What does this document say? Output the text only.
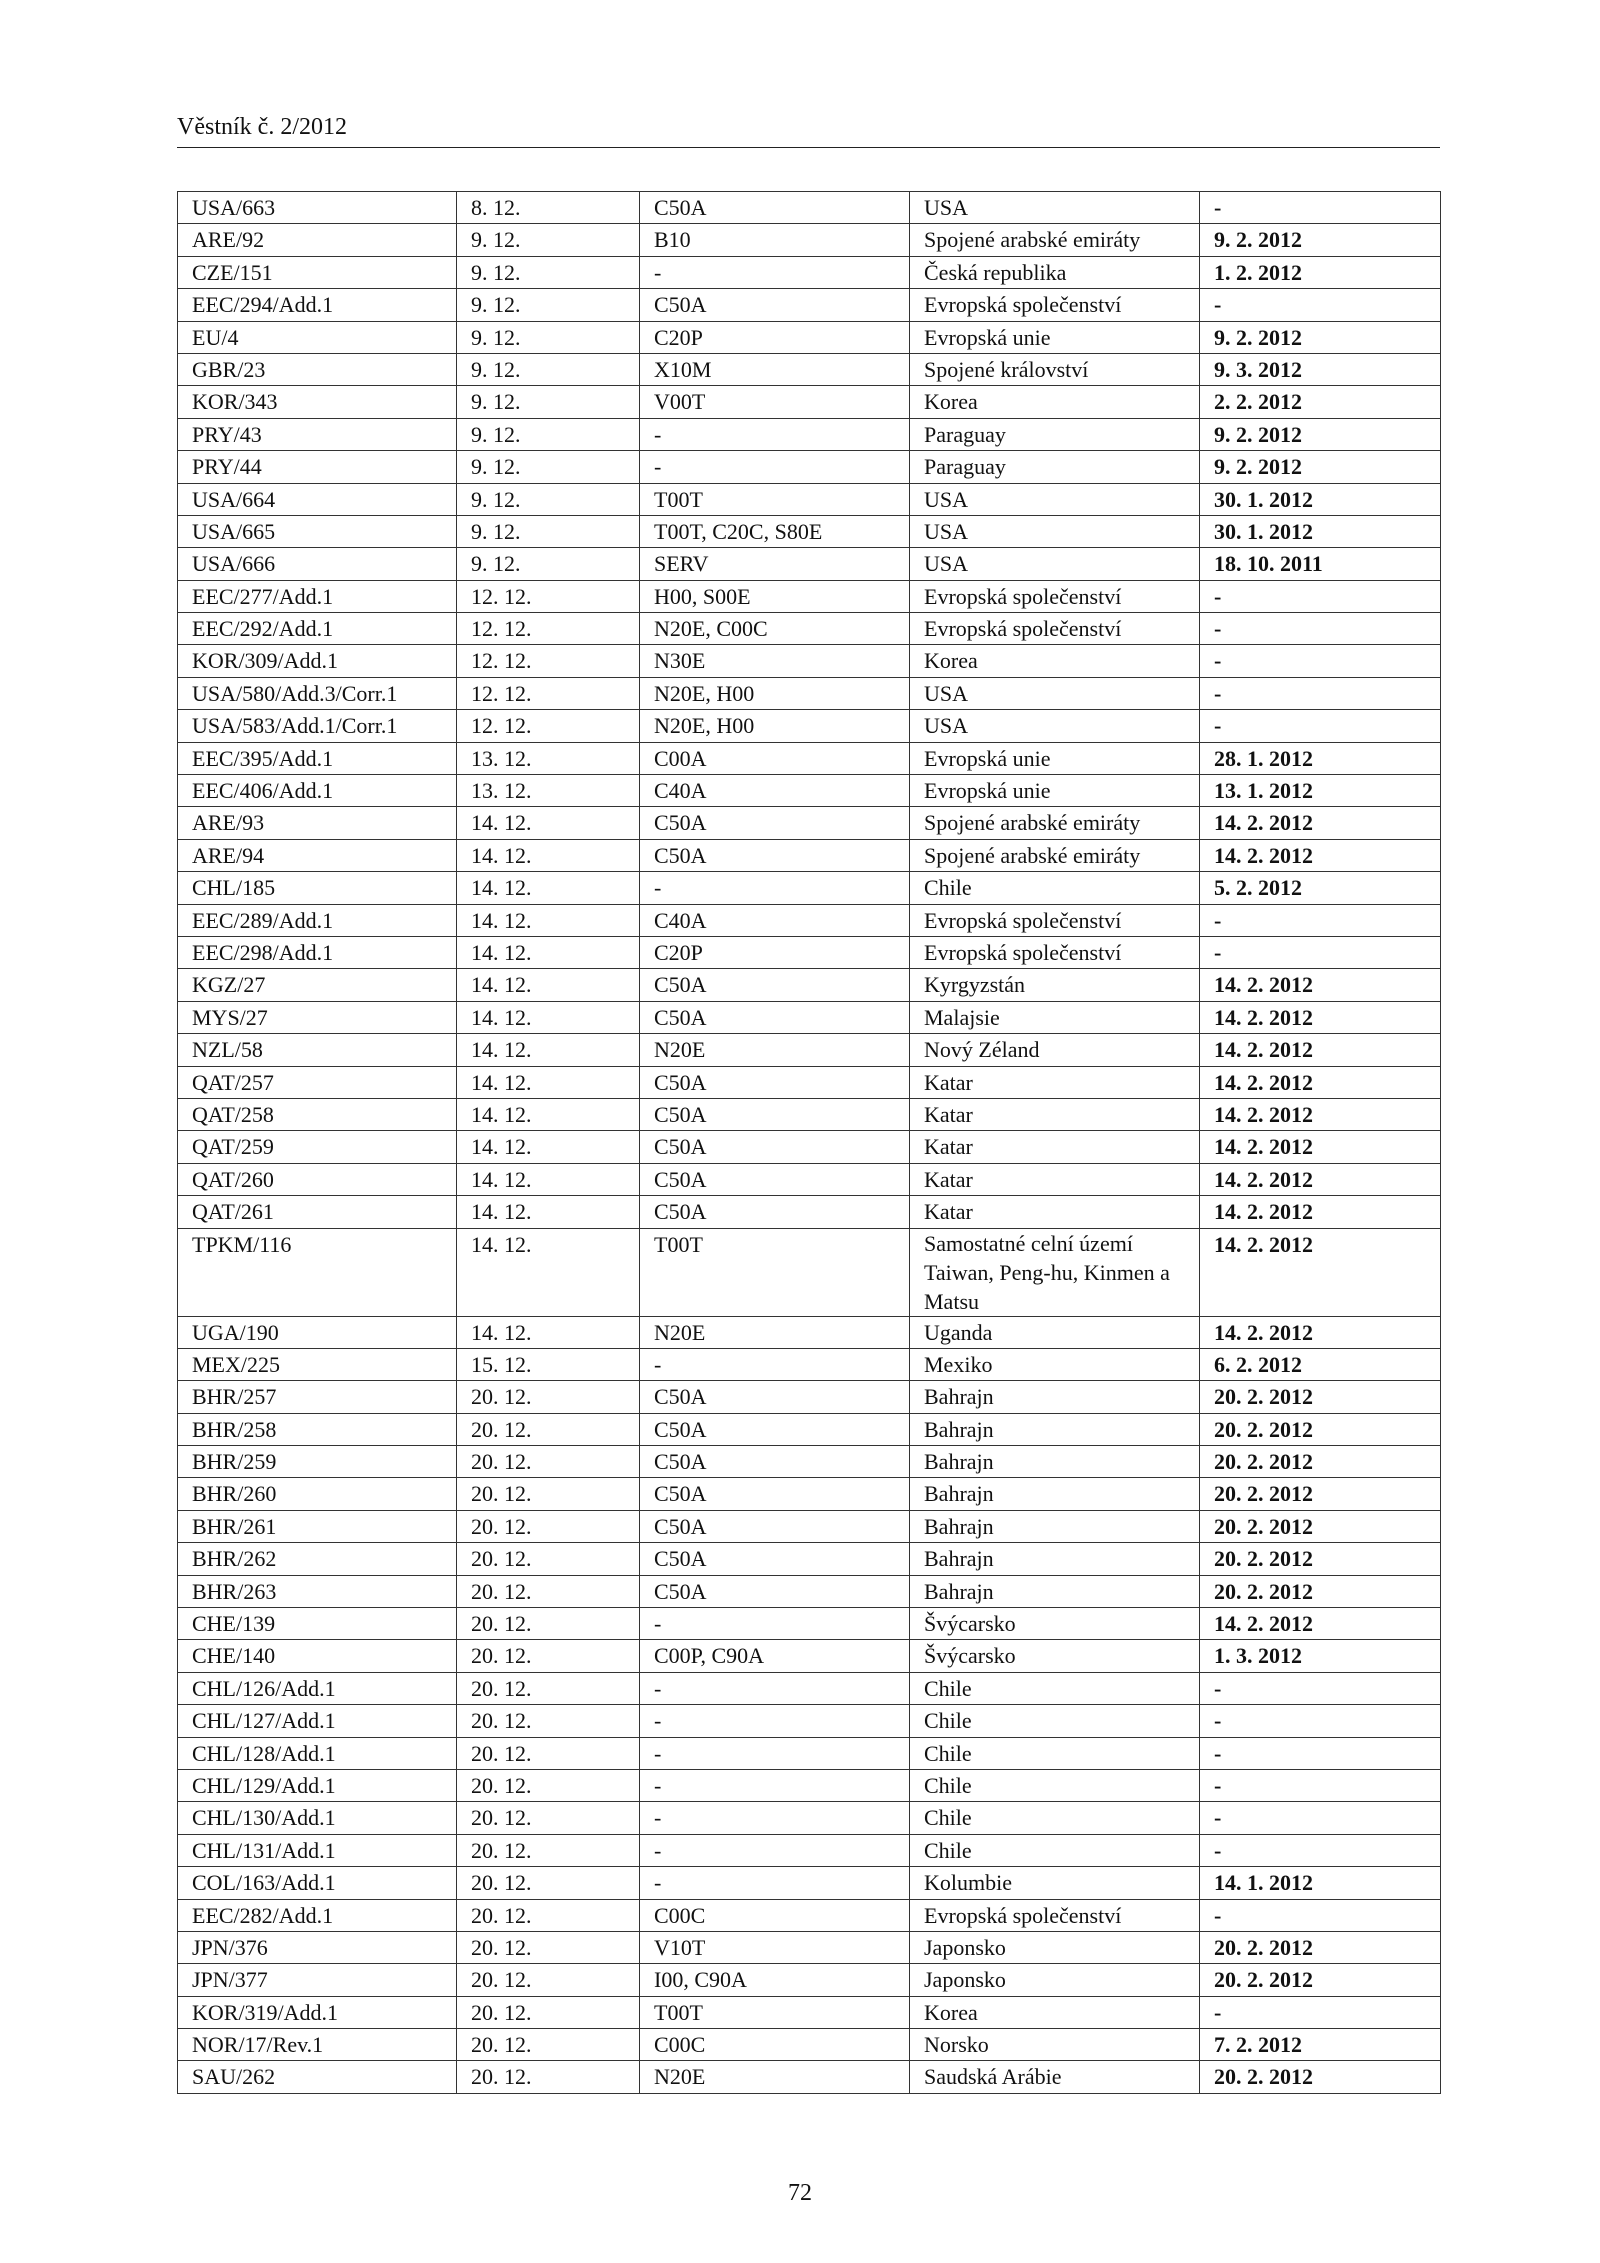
Věstník č. 2/2012
USA/663	8. 12.	C50A	USA	-
ARE/92	9. 12.	B10	Spojené arabské emiráty	9. 2. 2012
CZE/151	9. 12.	-	Česká republika	1. 2. 2012
EEC/294/Add.1	9. 12.	C50A	Evropská společenství	-
EU/4	9. 12.	C20P	Evropská unie	9. 2. 2012
GBR/23	9. 12.	X10M	Spojené království	9. 3. 2012
KOR/343	9. 12.	V00T	Korea	2. 2. 2012
PRY/43	9. 12.	-	Paraguay	9. 2. 2012
PRY/44	9. 12.	-	Paraguay	9. 2. 2012
USA/664	9. 12.	T00T	USA	30. 1. 2012
USA/665	9. 12.	T00T, C20C, S80E	USA	30. 1. 2012
USA/666	9. 12.	SERV	USA	18. 10. 2011
EEC/277/Add.1	12. 12.	H00, S00E	Evropská společenství	-
EEC/292/Add.1	12. 12.	N20E, C00C	Evropská společenství	-
KOR/309/Add.1	12. 12.	N30E	Korea	-
USA/580/Add.3/Corr.1	12. 12.	N20E, H00	USA	-
USA/583/Add.1/Corr.1	12. 12.	N20E, H00	USA	-
EEC/395/Add.1	13. 12.	C00A	Evropská unie	28. 1. 2012
EEC/406/Add.1	13. 12.	C40A	Evropská unie	13. 1. 2012
ARE/93	14. 12.	C50A	Spojené arabské emiráty	14. 2. 2012
ARE/94	14. 12.	C50A	Spojené arabské emiráty	14. 2. 2012
CHL/185	14. 12.	-	Chile	5. 2. 2012
EEC/289/Add.1	14. 12.	C40A	Evropská společenství	-
EEC/298/Add.1	14. 12.	C20P	Evropská společenství	-
KGZ/27	14. 12.	C50A	Kyrgyzstán	14. 2. 2012
MYS/27	14. 12.	C50A	Malajsie	14. 2. 2012
NZL/58	14. 12.	N20E	Nový Zéland	14. 2. 2012
QAT/257	14. 12.	C50A	Katar	14. 2. 2012
QAT/258	14. 12.	C50A	Katar	14. 2. 2012
QAT/259	14. 12.	C50A	Katar	14. 2. 2012
QAT/260	14. 12.	C50A	Katar	14. 2. 2012
QAT/261	14. 12.	C50A	Katar	14. 2. 2012
TPKM/116	14. 12.	T00T	Samostatné celní území Taiwan, Peng-hu, Kinmen a Matsu	14. 2. 2012
UGA/190	14. 12.	N20E	Uganda	14. 2. 2012
MEX/225	15. 12.	-	Mexiko	6. 2. 2012
BHR/257	20. 12.	C50A	Bahrajn	20. 2. 2012
BHR/258	20. 12.	C50A	Bahrajn	20. 2. 2012
BHR/259	20. 12.	C50A	Bahrajn	20. 2. 2012
BHR/260	20. 12.	C50A	Bahrajn	20. 2. 2012
BHR/261	20. 12.	C50A	Bahrajn	20. 2. 2012
BHR/262	20. 12.	C50A	Bahrajn	20. 2. 2012
BHR/263	20. 12.	C50A	Bahrajn	20. 2. 2012
CHE/139	20. 12.	-	Švýcarsko	14. 2. 2012
CHE/140	20. 12.	C00P, C90A	Švýcarsko	1. 3. 2012
CHL/126/Add.1	20. 12.	-	Chile	-
CHL/127/Add.1	20. 12.	-	Chile	-
CHL/128/Add.1	20. 12.	-	Chile	-
CHL/129/Add.1	20. 12.	-	Chile	-
CHL/130/Add.1	20. 12.	-	Chile	-
CHL/131/Add.1	20. 12.	-	Chile	-
COL/163/Add.1	20. 12.	-	Kolumbie	14. 1. 2012
EEC/282/Add.1	20. 12.	C00C	Evropská společenství	-
JPN/376	20. 12.	V10T	Japonsko	20. 2. 2012
JPN/377	20. 12.	I00, C90A	Japonsko	20. 2. 2012
KOR/319/Add.1	20. 12.	T00T	Korea	-
NOR/17/Rev.1	20. 12.	C00C	Norsko	7. 2. 2012
SAU/262	20. 12.	N20E	Saudská Arábie	20. 2. 2012
72
